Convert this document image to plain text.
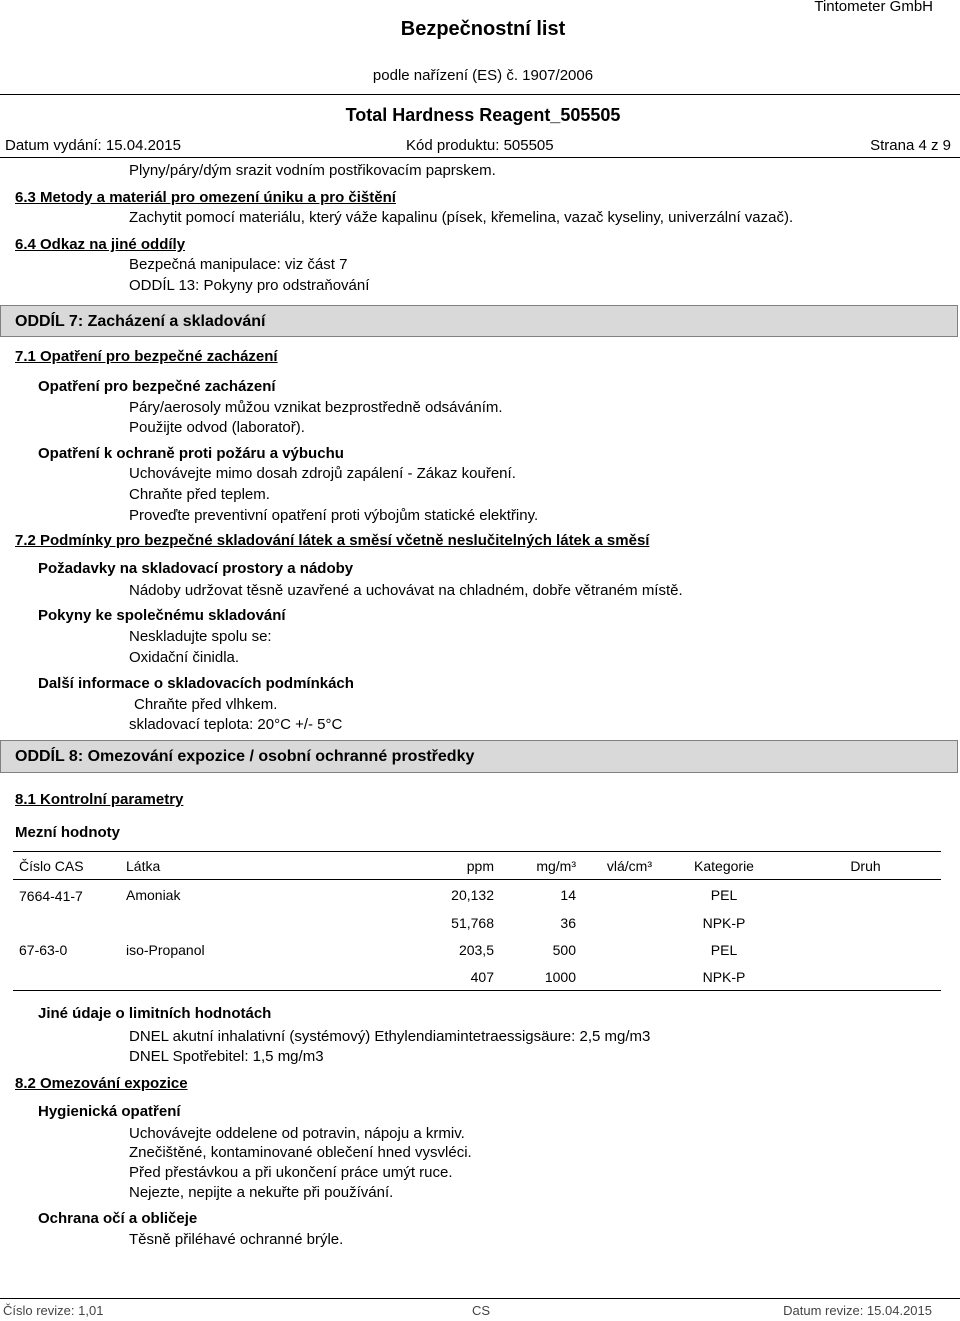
Bezpečnostní list
Tintometer GmbH
podle nařízení (ES) č. 1907/2006
Total Hardness Reagent_505505
Datum vydání: 15.04.2015	Kód produktu: 505505	Strana 4 z 9
Plyny/páry/dým srazit vodním postřikovacím paprskem.
6.3 Metody a materiál pro omezení úniku a pro čištění
Zachytit pomocí materiálu, který váže kapalinu (písek, křemelina, vazač kyseliny, univerzální vazač).
6.4 Odkaz na jiné oddíly
Bezpečná manipulace: viz část 7
ODDÍL 13: Pokyny pro odstraňování
ODDÍL 7: Zacházení a skladování
7.1 Opatření pro bezpečné zacházení
Opatření pro bezpečné zacházení
Páry/aerosoly můžou vznikat bezprostředně odsáváním.
Použijte odvod (laboratoř).
Opatření k ochraně proti požáru a výbuchu
Uchovávejte mimo dosah zdrojů zapálení - Zákaz kouření.
Chraňte před teplem.
Proveďte preventivní opatření proti výbojům statické elektřiny.
7.2 Podmínky pro bezpečné skladování látek a směsí včetně neslučitelných látek a směsí
Požadavky na skladovací prostory a nádoby
Nádoby udržovat těsně uzavřené a uchovávat na chladném, dobře větraném místě.
Pokyny ke společnému skladování
Neskladujte spolu se:
Oxidační činidla.
Další informace o skladovacích podmínkách
Chraňte před vlhkem.
skladovací teplota: 20°C +/- 5°C
ODDÍL 8: Omezování expozice / osobní ochranné prostředky
8.1 Kontrolní parametry
Mezní hodnoty
Číslo CAS	Látka	ppm	mg/m³	vlá/cm³	Kategorie	Druh
7664-41-7	Amoniak	20,132	14		PEL	
		51,768	36		NPK-P	
67-63-0	iso-Propanol	203,5	500		PEL	
		407	1000		NPK-P	
Jiné údaje o limitních hodnotách
DNEL akutní inhalativní (systémový) Ethylendiamintetraessigsäure: 2,5 mg/m3
DNEL Spotřebitel: 1,5 mg/m3
8.2 Omezování expozice
Hygienická opatření
Uchovávejte oddelene od potravin, nápoju a krmiv.
Znečištěné, kontaminované oblečení hned vysvléci.
Před přestávkou a při ukončení práce umýt ruce.
Nejezte, nepijte a nekuřte při používání.
Ochrana očí a obličeje
Těsně přiléhavé ochranné brýle.
Číslo revize: 1,01	CS	Datum revize: 15.04.2015
